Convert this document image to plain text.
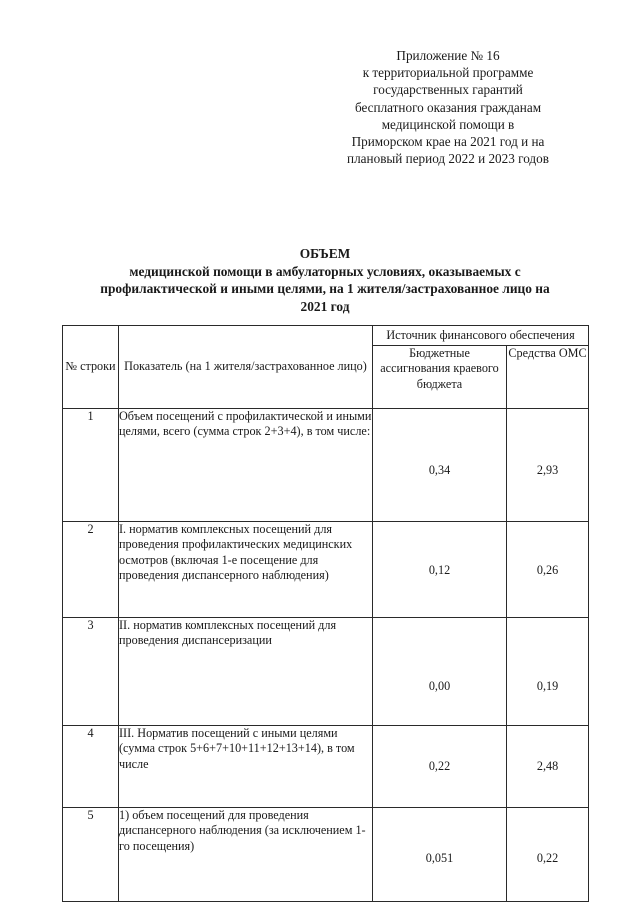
Приложение № 16
к территориальной программе
государственных гарантий
бесплатного оказания гражданам
медицинской помощи в
Приморском крае на 2021 год и на
плановый период 2022 и 2023 годов
ОБЪЕМ
медицинской помощи в амбулаторных условиях, оказываемых с
профилактической и иными целями, на 1 жителя/застрахованное лицо на
2021 год
№ строки	Показатель (на 1 жителя/застрахованное лицо)	Источник финансового обеспечения	
		Бюджетные ассигнования краевого бюджета	Средства ОМС
1	Объем посещений с профилактической и иными целями, всего (сумма строк 2+3+4), в том числе:	0,34	2,93
2	I. норматив комплексных посещений для проведения профилактических медицинских осмотров (включая 1-е посещение для проведения диспансерного наблюдения)	0,12	0,26
3	II. норматив комплексных посещений для проведения диспансеризации	0,00	0,19
4	III. Норматив посещений с иными целями (сумма строк 5+6+7+10+11+12+13+14), в том числе	0,22	2,48
5	1) объем посещений для проведения диспансерного наблюдения (за исключением 1-го посещения)	0,051	0,22
